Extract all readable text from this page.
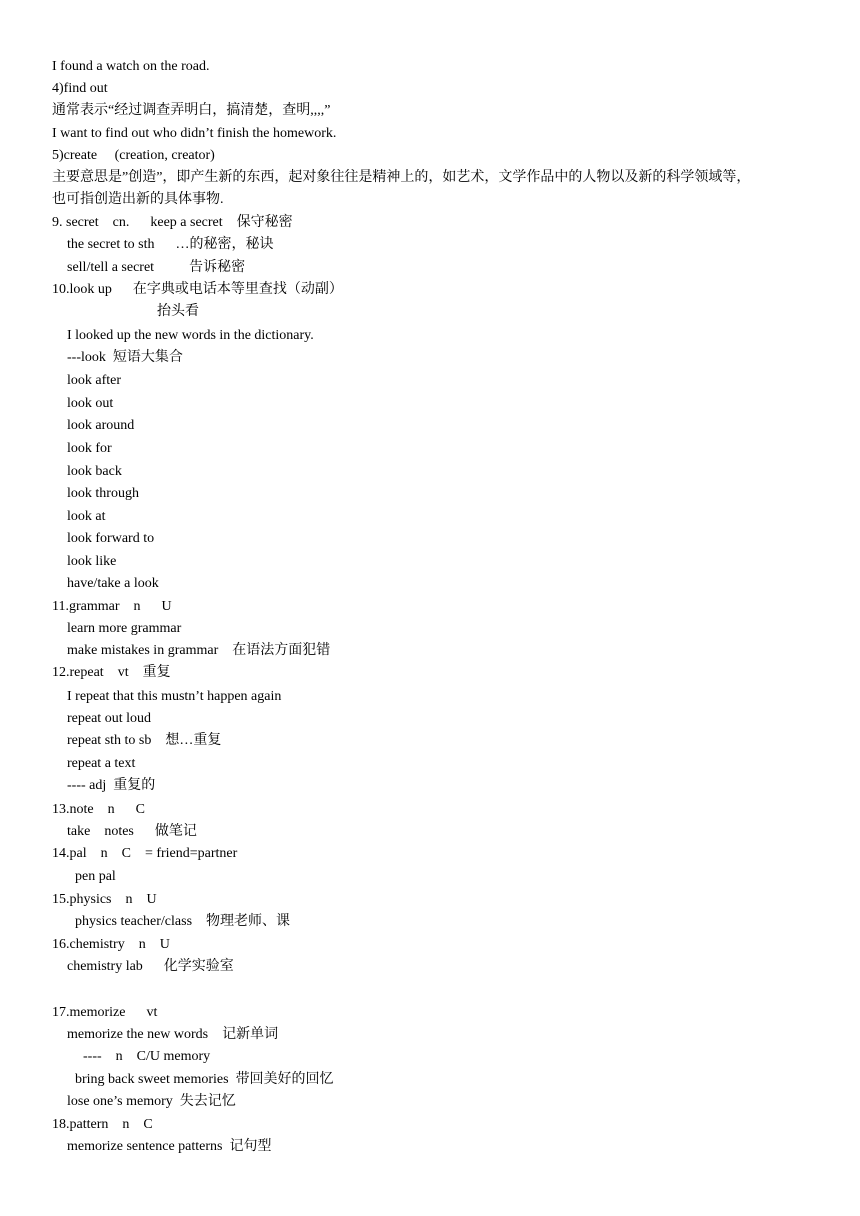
I found a watch on the road.
4)find out
通常表示“经过调查弄明白，搞清楚，查明,,,,”
I want to find out who didn’t finish the homework.
5)create     (creation, creator)
主要意思是”创造”，即产生新的东西，起对象往往是精神上的，如艺术，文学作品中的人物以及新的科学领域等，
也可指创造出新的具体事物.
9. secret    cn.      keep a secret    保守秘密
the secret to sth      …的秘密，秘诀
sell/tell a secret          告诉秘密
10.look up      在字典或电话本等里查找（动副）
抬头看
I looked up the new words in the dictionary.
---look  短语大集合
look after
look out
look around
look for
look back
look through
look at
look forward to
look like
have/take a look
11.grammar    n      U
learn more grammar
make mistakes in grammar    在语法方面犯错
12.repeat    vt    重复
I repeat that this mustn’t happen again
repeat out loud
repeat sth to sb    想…重复
repeat a text
---- adj  重复的
13.note    n      C
take    notes      做笔记
14.pal    n    C    = friend=partner
pen pal
15.physics    n    U
physics teacher/class    物理老师、课
16.chemistry    n    U
chemistry lab      化学实验室
17.memorize      vt
memorize the new words    记新单词
----    n    C/U memory
bring back sweet memories  带回美好的回忆
lose one’s memory  失去记忆
18.pattern    n    C
memorize sentence patterns  记句型
